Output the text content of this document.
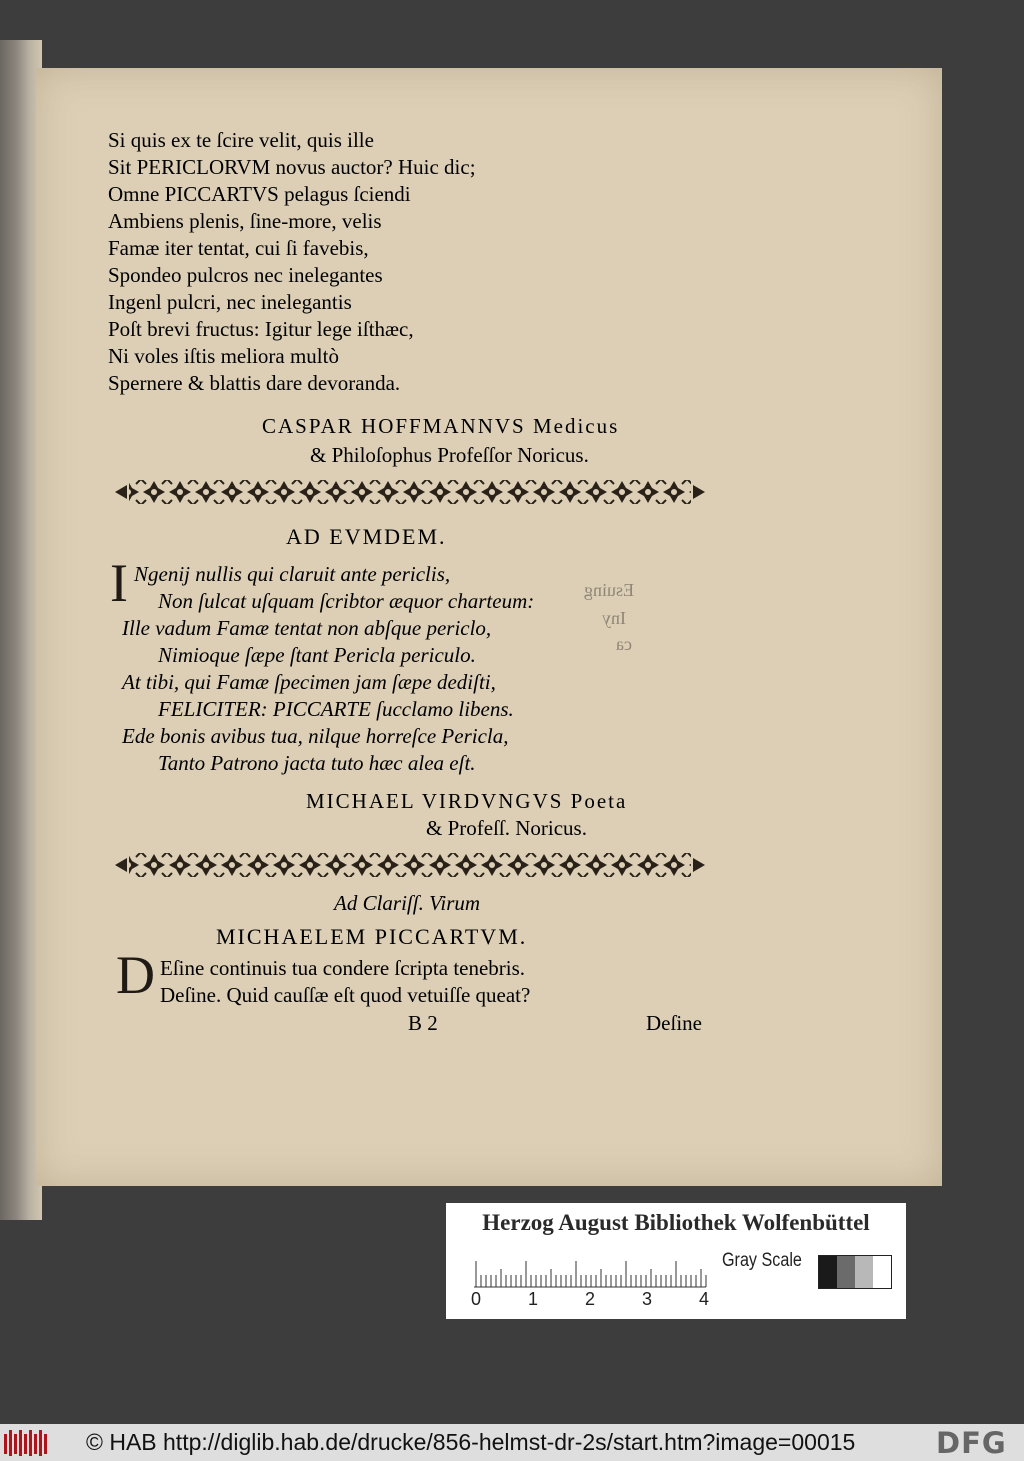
Esuing
Iny
ca
Si quis ex te ſcire velit, quis ille
Sit PERICLORVM novus auctor? Huic dic;
Omne PICCARTVS pelagus ſciendi
Ambiens plenis, ſine-more, velis
Famæ iter tentat, cui ſi favebis,
Spondeo pulcros nec inelegantes
Ingenl pulcri, nec inelegantis
Poſt brevi fructus: Igitur lege iſthæc,
Ni voles iſtis meliora multò
Spernere & blattis dare devoranda.
CASPAR HOFFMANNVS Medicus
& Philoſophus Profeſſor Noricus.
AD EVMDEM.
I Ngenij nullis qui claruit ante periclis,
Non ſulcat uſquam ſcribtor æquor charteum:
Ille vadum Famæ tentat non abſque periclo,
Nimioque ſæpe ſtant Pericla periculo.
At tibi, qui Famæ ſpecimen jam ſæpe dediſti,
FELICITER: PICCARTE ſucclamo libens.
Ede bonis avibus tua, nilque horreſce Pericla,
Tanto Patrono jacta tuto hæc alea eſt.
MICHAEL VIRDVNGVS Poeta
& Profeſſ. Noricus.
Ad Clariſſ. Virum
MICHAELEM PICCARTVM.
D Eſine continuis tua condere ſcripta tenebris.
Deſine. Quid cauſſæ eſt quod vetuiſſe queat?
B 2	Deſine
Herzog August Bibliothek Wolfenbüttel
0	1	2	3	4
Gray Scale
© HAB http://diglib.hab.de/drucke/856-helmst-dr-2s/start.htm?image=00015	DFG
